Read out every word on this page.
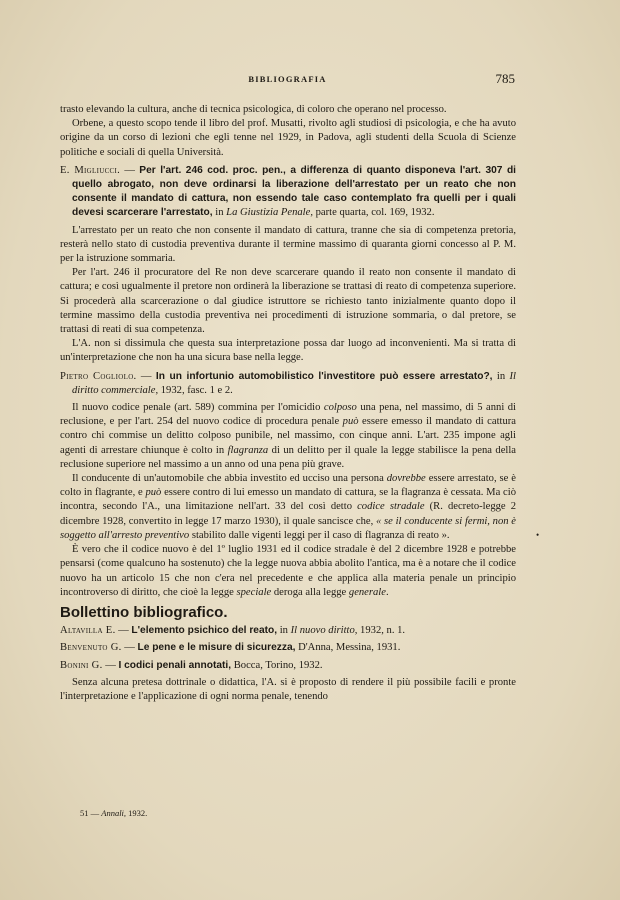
BIBLIOGRAFIA	785

trasto elevando la cultura, anche di tecnica psicologica, di coloro che operano nel processo.

Orbene, a questo scopo tende il libro del prof. Musatti, rivolto agli studiosi di psicologia, e che ha avuto origine da un corso di lezioni che egli tenne nel 1929, in Padova, agli studenti della Scuola di Scienze politiche e sociali di quella Università.

E. Migliucci. — Per l'art. 246 cod. proc. pen., a differenza di quanto disponeva l'art. 307 di quello abrogato, non deve ordinarsi la liberazione dell'arrestato per un reato che non consente il mandato di cattura, non essendo tale caso contemplato fra quelli per i quali devesi scarcerare l'arrestato, in La Giustizia Penale, parte quarta, col. 169, 1932.

L'arrestato per un reato che non consente il mandato di cattura, tranne che sia di competenza pretoria, resterà nello stato di custodia preventiva durante il termine massimo di quaranta giorni concesso al P. M. per la istruzione sommaria.

Per l'art. 246 il procuratore del Re non deve scarcerare quando il reato non consente il mandato di cattura; e così ugualmente il pretore non ordinerà la liberazione se trattasi di reato di competenza superiore. Si procederà alla scarcerazione o dal giudice istruttore se richiesto tanto inizialmente quanto dopo il termine massimo della custodia preventiva nei procedimenti di istruzione sommaria, o dal pretore, se trattasi di reati di sua competenza.

L'A. non si dissimula che questa sua interpretazione possa dar luogo ad inconvenienti. Ma si tratta di un'interpretazione che non ha una sicura base nella legge.

Pietro Cogliolo. — In un infortunio automobilistico l'investitore può essere arrestato?, in Il diritto commerciale, 1932, fasc. 1 e 2.

Il nuovo codice penale (art. 589) commina per l'omicidio colposo una pena, nel massimo, di 5 anni di reclusione, e per l'art. 254 del nuovo codice di procedura penale può essere emesso il mandato di cattura contro chi commise un delitto colposo punibile, nel massimo, con cinque anni. L'art. 235 impone agli agenti di arrestare chiunque è colto in flagranza di un delitto per il quale la legge stabilisce la pena della reclusione superiore nel massimo a un anno od una pena più grave.

Il conducente di un'automobile che abbia investito ed ucciso una persona dovrebbe essere arrestato, se è colto in flagrante, e può essere contro di lui emesso un mandato di cattura, se la flagranza è cessata. Ma ciò incontra, secondo l'A., una limitazione nell'art. 33 del così detto codice stradale (R. decreto-legge 2 dicembre 1928, convertito in legge 17 marzo 1930), il quale sancisce che, « se il conducente si fermi, non è soggetto all'arresto preventivo stabilito dalle vigenti leggi per il caso di flagranza di reato ».

È vero che il codice nuovo è del 1º luglio 1931 ed il codice stradale è del 2 dicembre 1928 e potrebbe pensarsi (come qualcuno ha sostenuto) che la legge nuova abbia abolito l'antica, ma è a notare che il codice nuovo ha un articolo 15 che non c'era nel precedente e che applica alla materia penale un principio incontroverso di diritto, che cioè la legge speciale deroga alla legge generale.

Bollettino bibliografico.

Altavilla E. — L'elemento psichico del reato, in Il nuovo diritto, 1932, n. 1.

Benvenuto G. — Le pene e le misure di sicurezza, D'Anna, Messina, 1931.

Bonini G. — I codici penali annotati, Bocca, Torino, 1932.

Senza alcuna pretesa dottrinale o didattica, l'A. si è proposto di rendere il più possibile facili e pronte l'interpretazione e l'applicazione di ogni norma penale, tenendo

•
51 — Annali, 1932.
